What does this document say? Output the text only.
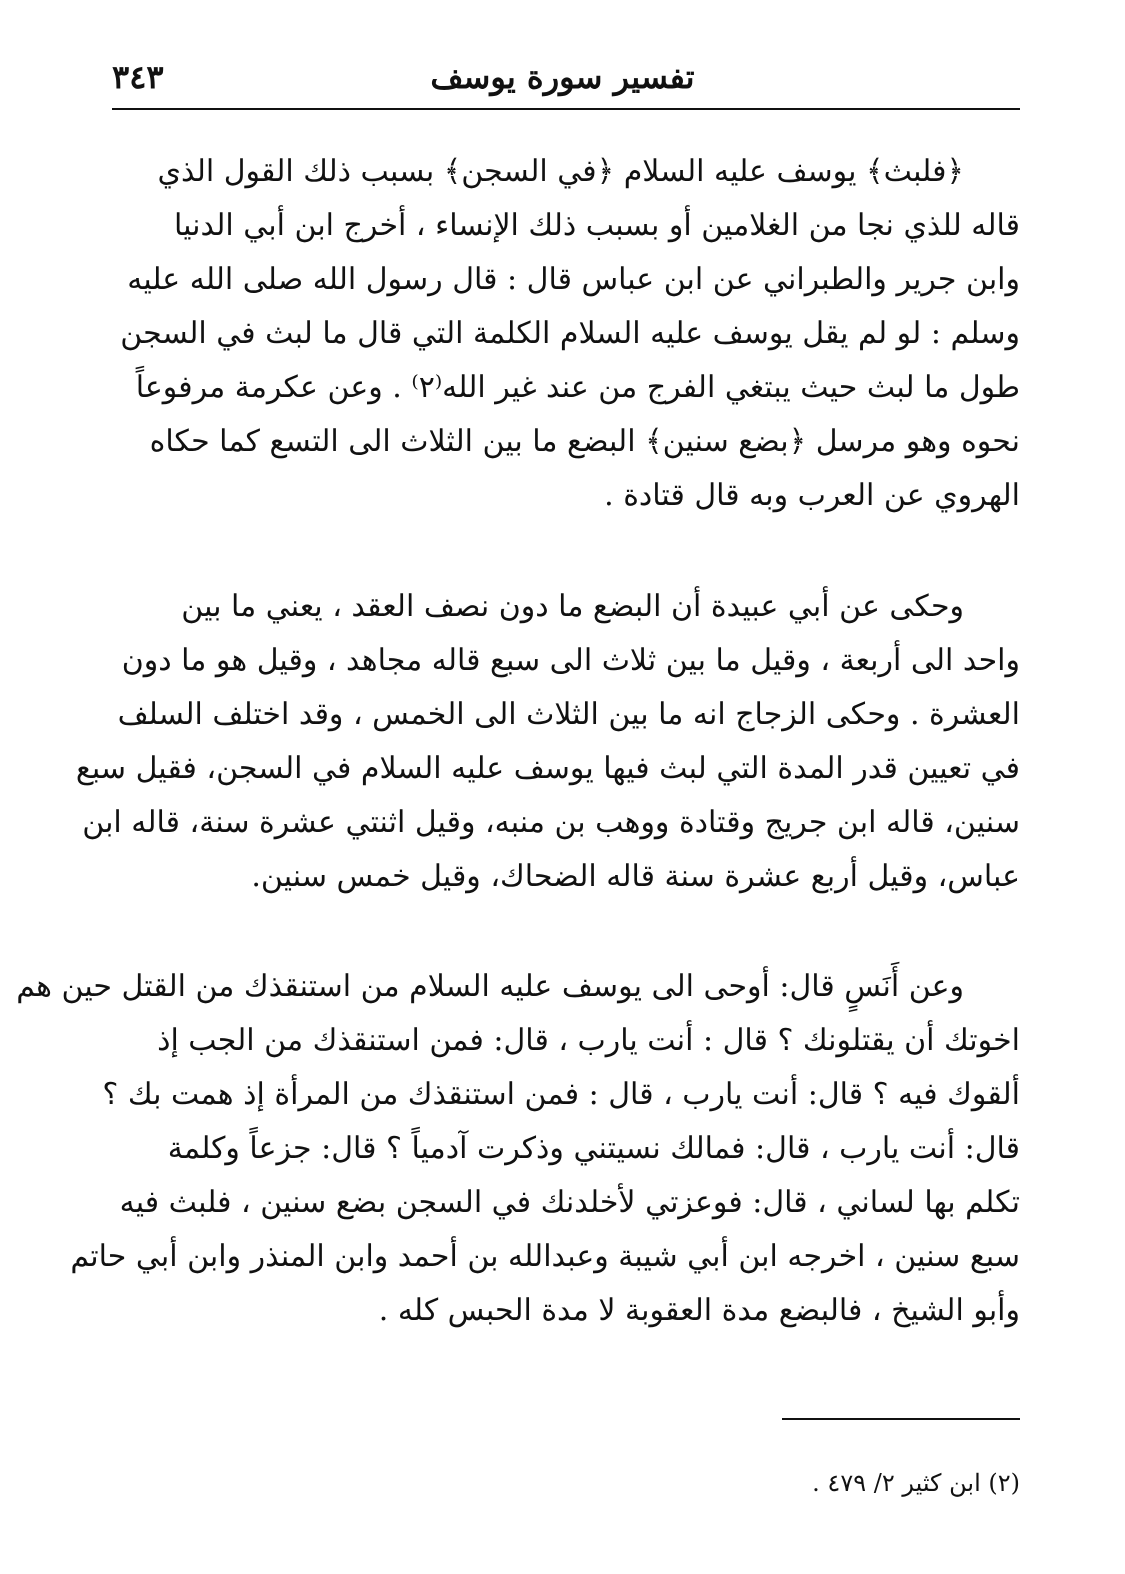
٣٤٣	تفسير سورة يوسف
﴿فلبث﴾ يوسف عليه السلام ﴿في السجن﴾ بسبب ذلك القول الذي
قاله للذي نجا من الغلامين أو بسبب ذلك الإنساء ، أخرج ابن أبي الدنيا
وابن جرير والطبراني عن ابن عباس قال : قال رسول الله صلى الله عليه
وسلم : لو لم يقل يوسف عليه السلام الكلمة التي قال ما لبث في السجن
طول ما لبث حيث يبتغي الفرج من عند غير الله⁽٢⁾ . وعن عكرمة مرفوعاً
نحوه وهو مرسل ﴿بضع سنين﴾ البضع ما بين الثلاث الى التسع كما حكاه
الهروي عن العرب وبه قال قتادة .
وحكى عن أبي عبيدة أن البضع ما دون نصف العقد ، يعني ما بين
واحد الى أربعة ، وقيل ما بين ثلاث الى سبع قاله مجاهد ، وقيل هو ما دون
العشرة . وحكى الزجاج انه ما بين الثلاث الى الخمس ، وقد اختلف السلف
في تعيين قدر المدة التي لبث فيها يوسف عليه السلام في السجن، فقيل سبع
سنين، قاله ابن جريج وقتادة ووهب بن منبه، وقيل اثنتي عشرة سنة، قاله ابن
عباس، وقيل أربع عشرة سنة قاله الضحاك، وقيل خمس سنين.
وعن أَنَسٍ قال: أوحى الى يوسف عليه السلام من استنقذك من القتل حين هم
اخوتك أن يقتلونك ؟ قال : أنت يارب ، قال: فمن استنقذك من الجب إذ
ألقوك فيه ؟ قال: أنت يارب ، قال : فمن استنقذك من المرأة إذ همت بك ؟
قال: أنت يارب ، قال: فمالك نسيتني وذكرت آدمياً ؟ قال: جزعاً وكلمة
تكلم بها لساني ، قال: فوعزتي لأخلدنك في السجن بضع سنين ، فلبث فيه
سبع سنين ، اخرجه ابن أبي شيبة وعبدالله بن أحمد وابن المنذر وابن أبي حاتم
وأبو الشيخ ، فالبضع مدة العقوبة لا مدة الحبس كله .
(٢) ابن كثير ٢/ ٤٧٩ .
